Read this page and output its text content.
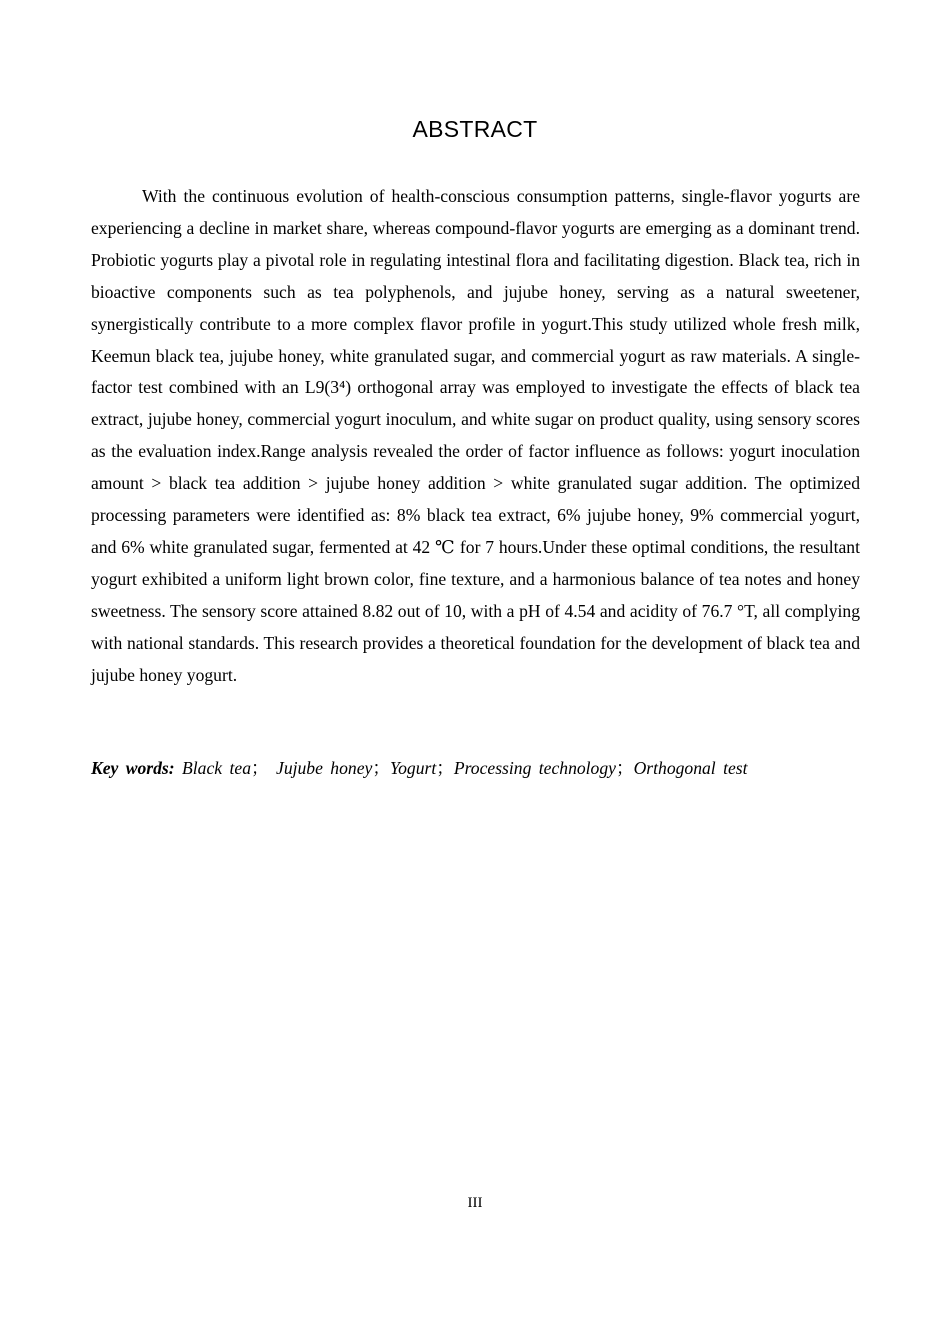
ABSTRACT

With the continuous evolution of health-conscious consumption patterns, single-flavor yogurts are experiencing a decline in market share, whereas compound-flavor yogurts are emerging as a dominant trend. Probiotic yogurts play a pivotal role in regulating intestinal flora and facilitating digestion. Black tea, rich in bioactive components such as tea polyphenols, and jujube honey, serving as a natural sweetener, synergistically contribute to a more complex flavor profile in yogurt.This study utilized whole fresh milk, Keemun black tea, jujube honey, white granulated sugar, and commercial yogurt as raw materials. A single-factor test combined with an L9(3⁴) orthogonal array was employed to investigate the effects of black tea extract, jujube honey, commercial yogurt inoculum, and white sugar on product quality, using sensory scores as the evaluation index.Range analysis revealed the order of factor influence as follows: yogurt inoculation amount > black tea addition > jujube honey addition > white granulated sugar addition. The optimized processing parameters were identified as: 8% black tea extract, 6% jujube honey, 9% commercial yogurt, and 6% white granulated sugar, fermented at 42 ℃ for 7 hours.Under these optimal conditions, the resultant yogurt exhibited a uniform light brown color, fine texture, and a harmonious balance of tea notes and honey sweetness. The sensory score attained 8.82 out of 10, with a pH of 4.54 and acidity of 76.7 °T, all complying with national standards. This research provides a theoretical foundation for the development of black tea and jujube honey yogurt.

Key words: Black tea； Jujube honey；Yogurt；Processing technology；Orthogonal test

III
